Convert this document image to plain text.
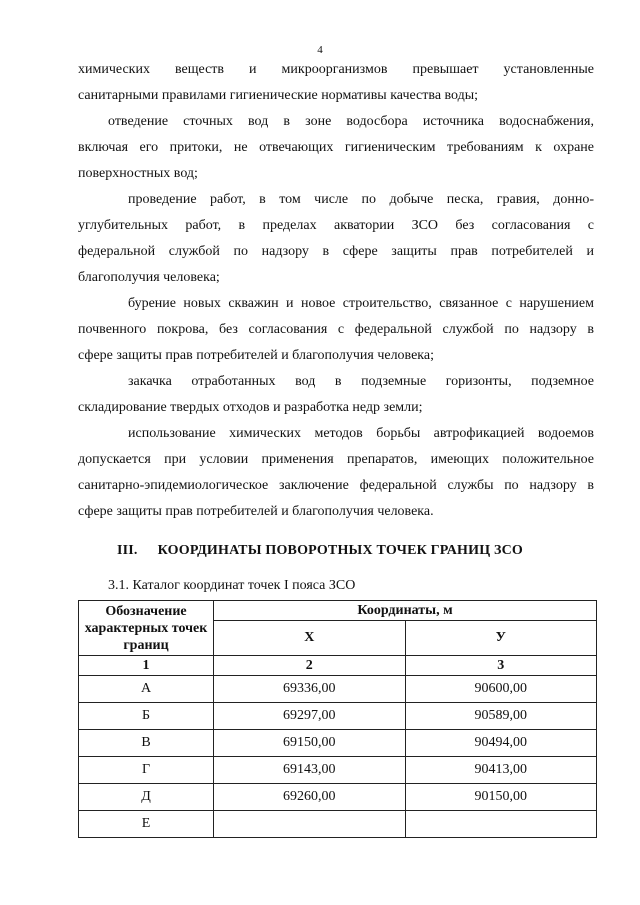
4
химических веществ и микроорганизмов превышает установленные
санитарными правилами гигиенические нормативы качества воды;
отведение сточных вод в зоне водосбора источника водоснабжения,
включая его притоки, не отвечающих гигиеническим требованиям к охране
поверхностных вод;
проведение работ, в том числе по добыче песка, гравия, донно-
углубительных работ, в пределах акватории ЗСО без согласования с
федеральной службой по надзору в сфере защиты прав потребителей и
благополучия человека;
бурение новых скважин и новое строительство, связанное с нарушением
почвенного покрова, без согласования с федеральной службой по надзору в
сфере защиты прав потребителей и благополучия человека;
закачка отработанных вод в подземные горизонты, подземное
складирование твердых отходов и разработка недр земли;
использование химических методов борьбы автрофикацией водоемов
допускается при условии применения препаратов, имеющих положительное
санитарно-эпидемиологическое заключение федеральной службы по надзору в
сфере защиты прав потребителей и благополучия человека.
III. КООРДИНАТЫ ПОВОРОТНЫХ ТОЧЕК ГРАНИЦ ЗСО
3.1. Каталог координат точек I пояса ЗСО
Обозначение характерных точек границ	Координаты, м	
	Х	У
1	2	3
А	69336,00	90600,00
Б	69297,00	90589,00
В	69150,00	90494,00
Г	69143,00	90413,00
Д	69260,00	90150,00
Е		
